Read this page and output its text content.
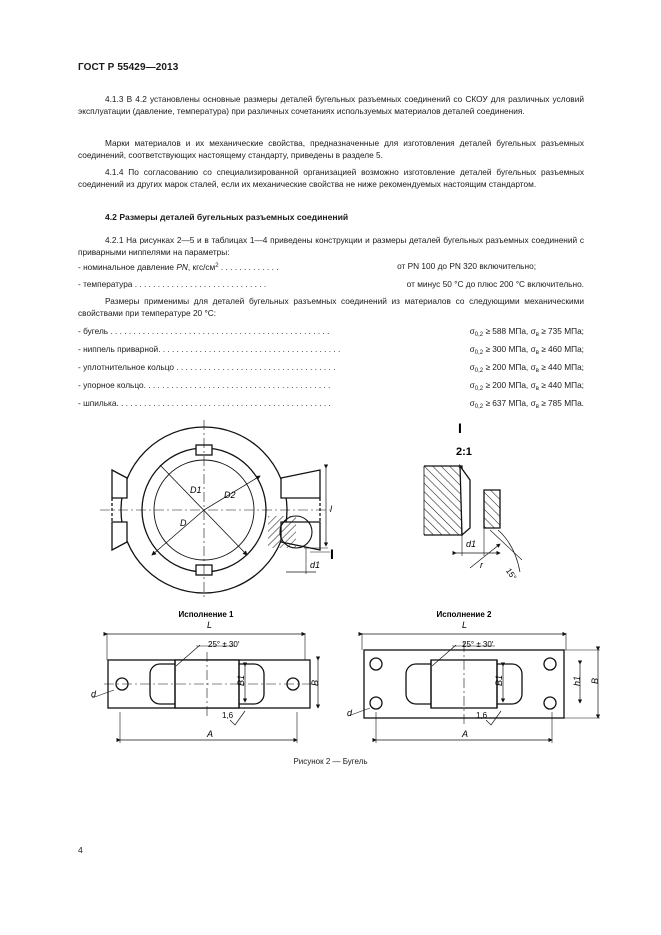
ГОСТ Р 55429—2013
4.1.3 В 4.2 установлены основные размеры деталей бугельных разъемных соединений со СКОУ для различных условий эксплуатации (давление, температура) при различных сочетаниях используемых материалов деталей соединения.
Марки материалов и их механические свойства, предназначенные для изготовления деталей бугельных разъемных соединений, соответствующих настоящему стандарту, приведены в разделе 5.
4.1.4 По согласованию со специализированной организацией возможно изготовление деталей бугельных разъемных соединений из других марок сталей, если их механические свойства не ниже рекомендуемых настоящим стандартом.
4.2 Размеры деталей бугельных разъемных соединений
4.2.1 На рисунках 2—5 и в таблицах 1—4 приведены конструкции и размеры деталей бугельных разъемных соединений с приварными ниппелями на параметры:
- номинальное давление PN, кгс/$см^2$ . . . . . . . . . . . . .	от PN 100 до PN 320 включительно;
- температура . . . . . . . . . . . . . . . . . . . . . . . . . . . . .	от минус 50 °С до плюс 200 °С включительно.
Размеры применимы для деталей бугельных разъемных соединений из материалов со следующими механическими свойствами при температуре 20 °С:
- бугель . . . . . . . . . . . . . . . . . . . . . . . . . . . . . . . . . . . . . . . . . . . . . . . .	$\sigma_{0,2} \ge 588$ МПа, $\sigma_в \ge 735$ МПа;
- ниппель приварной. . . . . . . . . . . . . . . . . . . . . . . . . . . . . . . . . . . . . . . .	$\sigma_{0,2} \ge 300$ МПа, $\sigma_в \ge 460$ МПа;
- уплотнительное кольцо . . . . . . . . . . . . . . . . . . . . . . . . . . . . . . . . . . .	$\sigma_{0,2} \ge 200$ МПа, $\sigma_в \ge 440$ МПа;
- упорное кольцо. . . . . . . . . . . . . . . . . . . . . . . . . . . . . . . . . . . . . . . . .	$\sigma_{0,2} \ge 200$ МПа, $\sigma_в \ge 440$ МПа;
- шпилька. . . . . . . . . . . . . . . . . . . . . . . . . . . . . . . . . . . . . . . . . . . . . . .	$\sigma_{0,2} \ge 637$ МПа, $\sigma_в \ge 785$ МПа.
D1 D2
D
l
d1
I
I
2:1
d1
r
15°
Исполнение 1
L
A
B
B1
25° ± 30′
d
1,6
Исполнение 2
L
A
B
h1
B1
25° ± 30′
d	1,6
Рисунок 2 — Бугель
4
